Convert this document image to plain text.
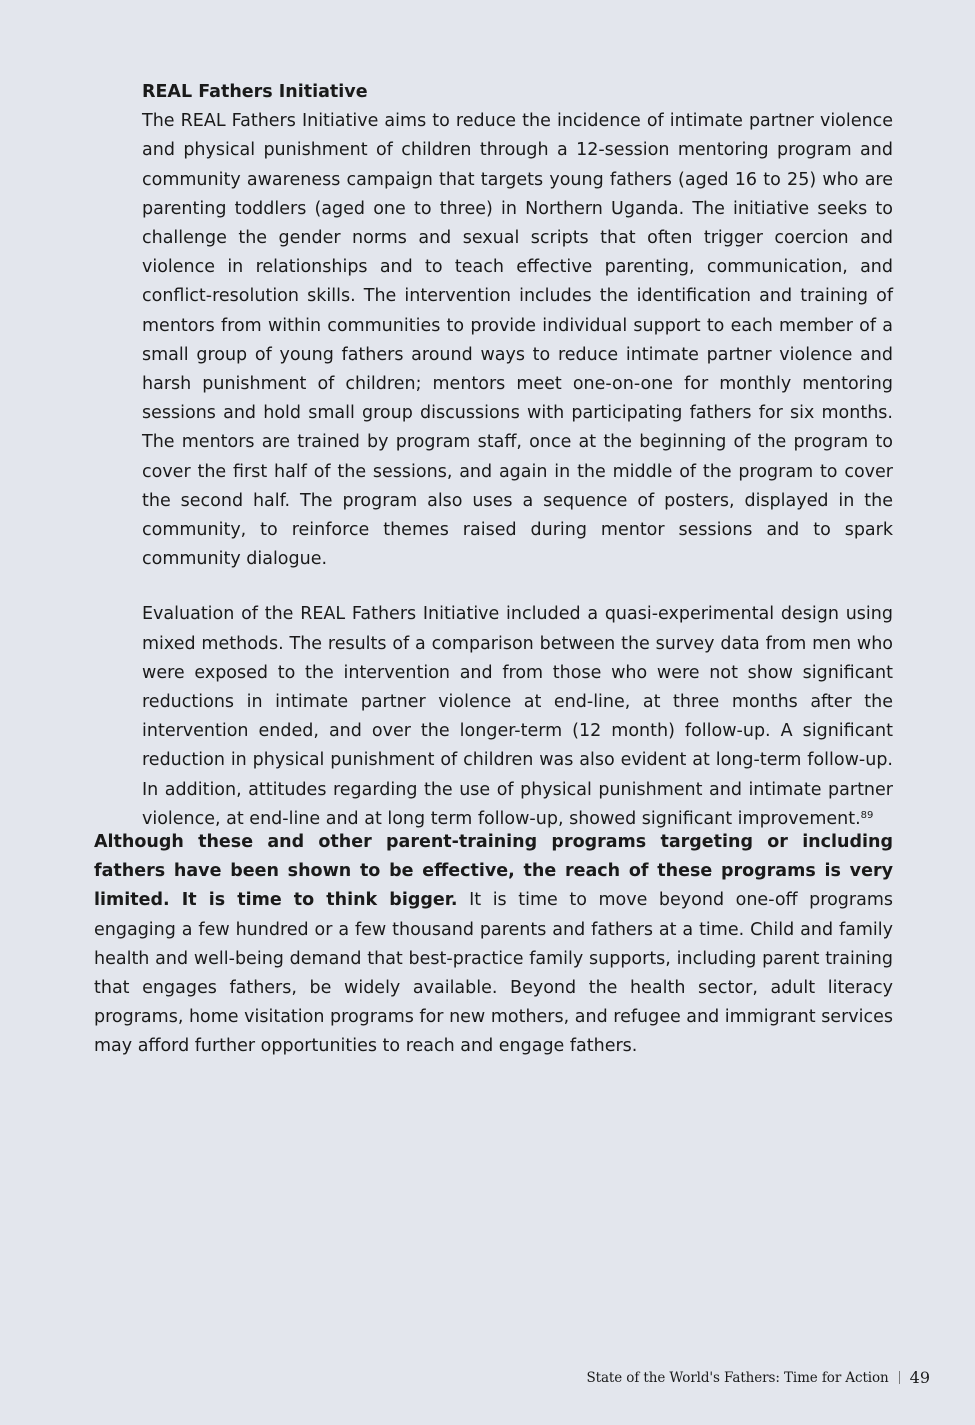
REAL Fathers Initiative

The REAL Fathers Initiative aims to reduce the incidence of intimate partner violence and physical punishment of children through a 12-session mentoring program and community awareness campaign that targets young fathers (aged 16 to 25) who are parenting toddlers (aged one to three) in Northern Uganda. The initiative seeks to challenge the gender norms and sexual scripts that often trigger coercion and violence in relationships and to teach effective parenting, communication, and conflict-resolution skills. The intervention includes the identification and training of mentors from within communities to provide individual support to each member of a small group of young fathers around ways to reduce intimate partner violence and harsh punishment of children; mentors meet one-on-one for monthly mentoring sessions and hold small group discussions with participating fathers for six months. The mentors are trained by program staff, once at the beginning of the program to cover the first half of the sessions, and again in the middle of the program to cover the second half. The program also uses a sequence of posters, displayed in the community, to reinforce themes raised during mentor sessions and to spark community dialogue.

Evaluation of the REAL Fathers Initiative included a quasi-experimental design using mixed methods. The results of a comparison between the survey data from men who were exposed to the intervention and from those who were not show significant reductions in intimate partner violence at end-line, at three months after the intervention ended, and over the longer-term (12 month) follow-up. A significant reduction in physical punishment of children was also evident at long-term follow-up. In addition, attitudes regarding the use of physical punishment and intimate partner violence, at end-line and at long term follow-up, showed significant improvement.$^{89}$

Although these and other parent-training programs targeting or including fathers have been shown to be effective, the reach of these programs is very limited. It is time to think bigger. It is time to move beyond one-off programs engaging a few hundred or a few thousand parents and fathers at a time. Child and family health and well-being demand that best-practice family supports, including parent training that engages fathers, be widely available. Beyond the health sector, adult literacy programs, home visitation programs for new mothers, and refugee and immigrant services may afford further opportunities to reach and engage fathers.

State of the World's Fathers: Time for Action 49
